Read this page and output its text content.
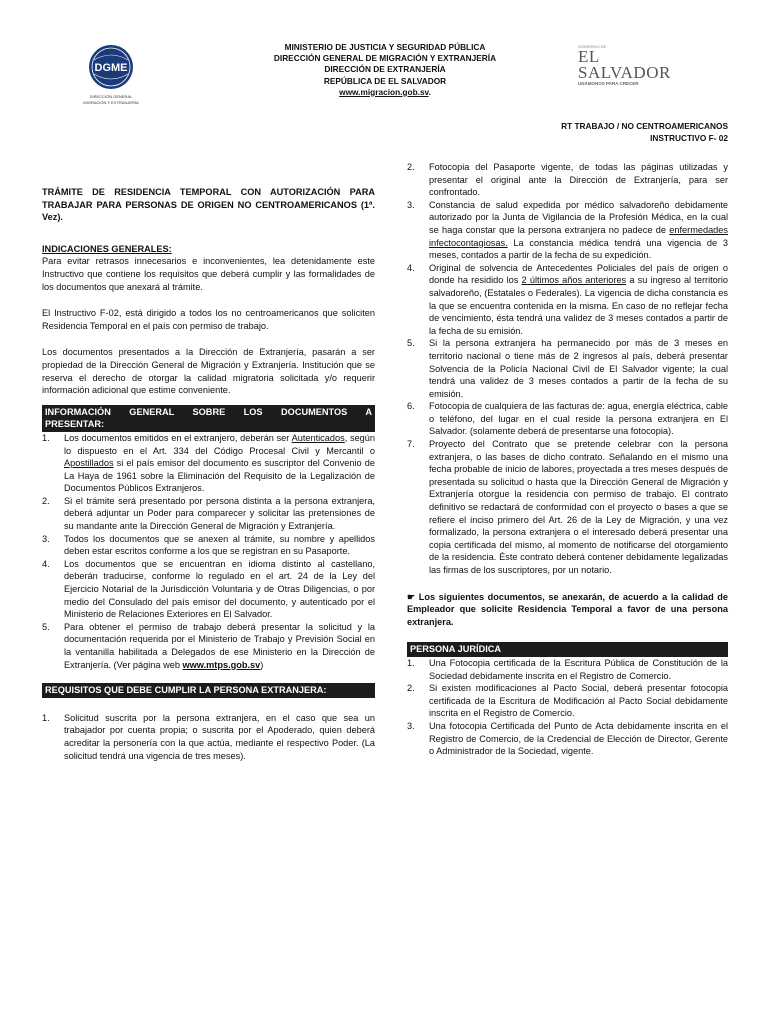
DGME
DIRECCIÓN GENERAL
MIGRACIÓN Y EXTRANJERÍA
MINISTERIO DE JUSTICIA Y SEGURIDAD PÚBLICA
DIRECCIÓN GENERAL DE MIGRACIÓN Y EXTRANJERÍA
DIRECCIÓN DE EXTRANJERÍA
REPÚBLICA DE EL SALVADOR
www.migracion.gob.sv.
GOBIERNO DE
EL SALVADOR
UNÁMONOS PARA CRECER
RT TRABAJO / NO CENTROAMERICANOS
INSTRUCTIVO F- 02

TRÁMITE DE RESIDENCIA TEMPORAL CON AUTORIZACIÓN PARA TRABAJAR PARA PERSONAS DE ORIGEN NO CENTROAMERICANOS (1ª. Vez).

INDICACIONES GENERALES:

Para evitar retrasos innecesarios e inconvenientes, lea detenidamente este Instructivo que contiene los requisitos que deberá cumplir y las formalidades de los documentos que anexará al trámite.

El Instructivo F-02, está dirigido a todos los no centroamericanos que soliciten Residencia Temporal en el país con permiso de trabajo.

Los documentos presentados a la Dirección de Extranjería, pasarán a ser propiedad de la Dirección General de Migración y Extranjería. Institución que se reserva el derecho de otorgar la calidad migratoria solicitada y/o requerir información adicional que estime conveniente.

INFORMACIÓN GENERAL SOBRE LOS DOCUMENTOS A
PRESENTAR:
1. Los documentos emitidos en el extranjero, deberán ser Autenticados, según lo dispuesto en el Art. 334 del Código Procesal Civil y Mercantil o Apostillados si el país emisor del documento es suscriptor del Convenio de La Haya de 1961 sobre la Eliminación del Requisito de la Legalización de Documentos Públicos Extranjeros.
2. Si el trámite será presentado por persona distinta a la persona extranjera, deberá adjuntar un Poder para comparecer y solicitar las pretensiones de su mandante ante la Dirección General de Migración y Extranjería.
3. Todos los documentos que se anexen al trámite, su nombre y apellidos deben estar escritos conforme a los que se registran en su Pasaporte.
4. Los documentos que se encuentran en idioma distinto al castellano, deberán traducirse, conforme lo regulado en el art. 24 de la Ley del Ejercicio Notarial de la Jurisdicción Voluntaria y de Otras Diligencias, o por medio del Consulado del país emisor del documento, y autenticado por el Ministerio de Relaciones Exteriores en El Salvador.
5. Para obtener el permiso de trabajo deberá presentar la solicitud y la documentación requerida por el Ministerio de Trabajo y Previsión Social en la ventanilla habilitada a Delegados de ese Ministerio en la Dirección de Extranjería. (Ver página web www.mtps.gob.sv)
REQUISITOS QUE DEBE CUMPLIR LA PERSONA EXTRANJERA:
1. Solicitud suscrita por la persona extranjera, en el caso que sea un trabajador por cuenta propia; o suscrita por el Apoderado, quien deberá acreditar la personería con la que actúa, mediante el respectivo Poder. (La solicitud tendrá una vigencia de tres meses).
2. Fotocopia del Pasaporte vigente, de todas las páginas utilizadas y presentar el original ante la Dirección de Extranjería, para ser confrontado.
3. Constancia de salud expedida por médico salvadoreño debidamente autorizado por la Junta de Vigilancia de la Profesión Médica, en la cual se haga constar que la persona extranjera no padece de enfermedades infectocontagiosas. La constancia médica tendrá una vigencia de 3 meses, contados a partir de la fecha de su expedición.
4. Original de solvencia de Antecedentes Policiales del país de origen o donde ha residido los 2 últimos años anteriores a su ingreso al territorio salvadoreño, (Estatales o Federales). La vigencia de dicha constancia es la que se encuentra contenida en la misma. En caso de no reflejar fecha de vencimiento, ésta tendrá una validez de 3 meses contados a partir de la fecha de su emisión.
5. Si la persona extranjera ha permanecido por más de 3 meses en territorio nacional o tiene más de 2 ingresos al país, deberá presentar Solvencia de la Policía Nacional Civil de El Salvador vigente; la cual tendrá una validez de 3 meses contados a partir de la fecha de su emisión.
6. Fotocopia de cualquiera de las facturas de: agua, energía eléctrica, cable o teléfono, del lugar en el cual reside la persona extranjera en El Salvador. (solamente deberá de presentarse una fotocopia).
7. Proyecto del Contrato que se pretende celebrar con la persona extranjera, o las bases de dicho contrato. Señalando en el mismo una fecha probable de inicio de labores, proyectada a tres meses después de presentada su solicitud o hasta que la Dirección General de Migración y Extranjería otorgue la residencia con permiso de trabajo. El contrato definitivo se redactará de conformidad con el proyecto o bases a que se refiere el inciso primero del Art. 26 de la Ley de Migración, y una vez formalizado, la persona extranjera o el interesado deberá presentar una copia certificada del mismo, al momento de notificarse del otorgamiento de la residencia. Éste contrato deberá contener debidamente legalizadas las firmas de los suscriptores, por un notario.

☛ Los siguientes documentos, se anexarán, de acuerdo a la calidad de Empleador que solicite Residencia Temporal a favor de una persona extranjera.

PERSONA JURÍDICA
1. Una Fotocopia certificada de la Escritura Pública de Constitución de la Sociedad debidamente inscrita en el Registro de Comercio.
2. Si existen modificaciones al Pacto Social, deberá presentar fotocopia certificada de la Escritura de Modificación al Pacto Social debidamente inscrita en el Registro de Comercio.
3. Una fotocopia Certificada del Punto de Acta debidamente inscrita en el Registro de Comercio, de la Credencial de Elección de Director, Gerente o Administrador de la Sociedad, vigente.
